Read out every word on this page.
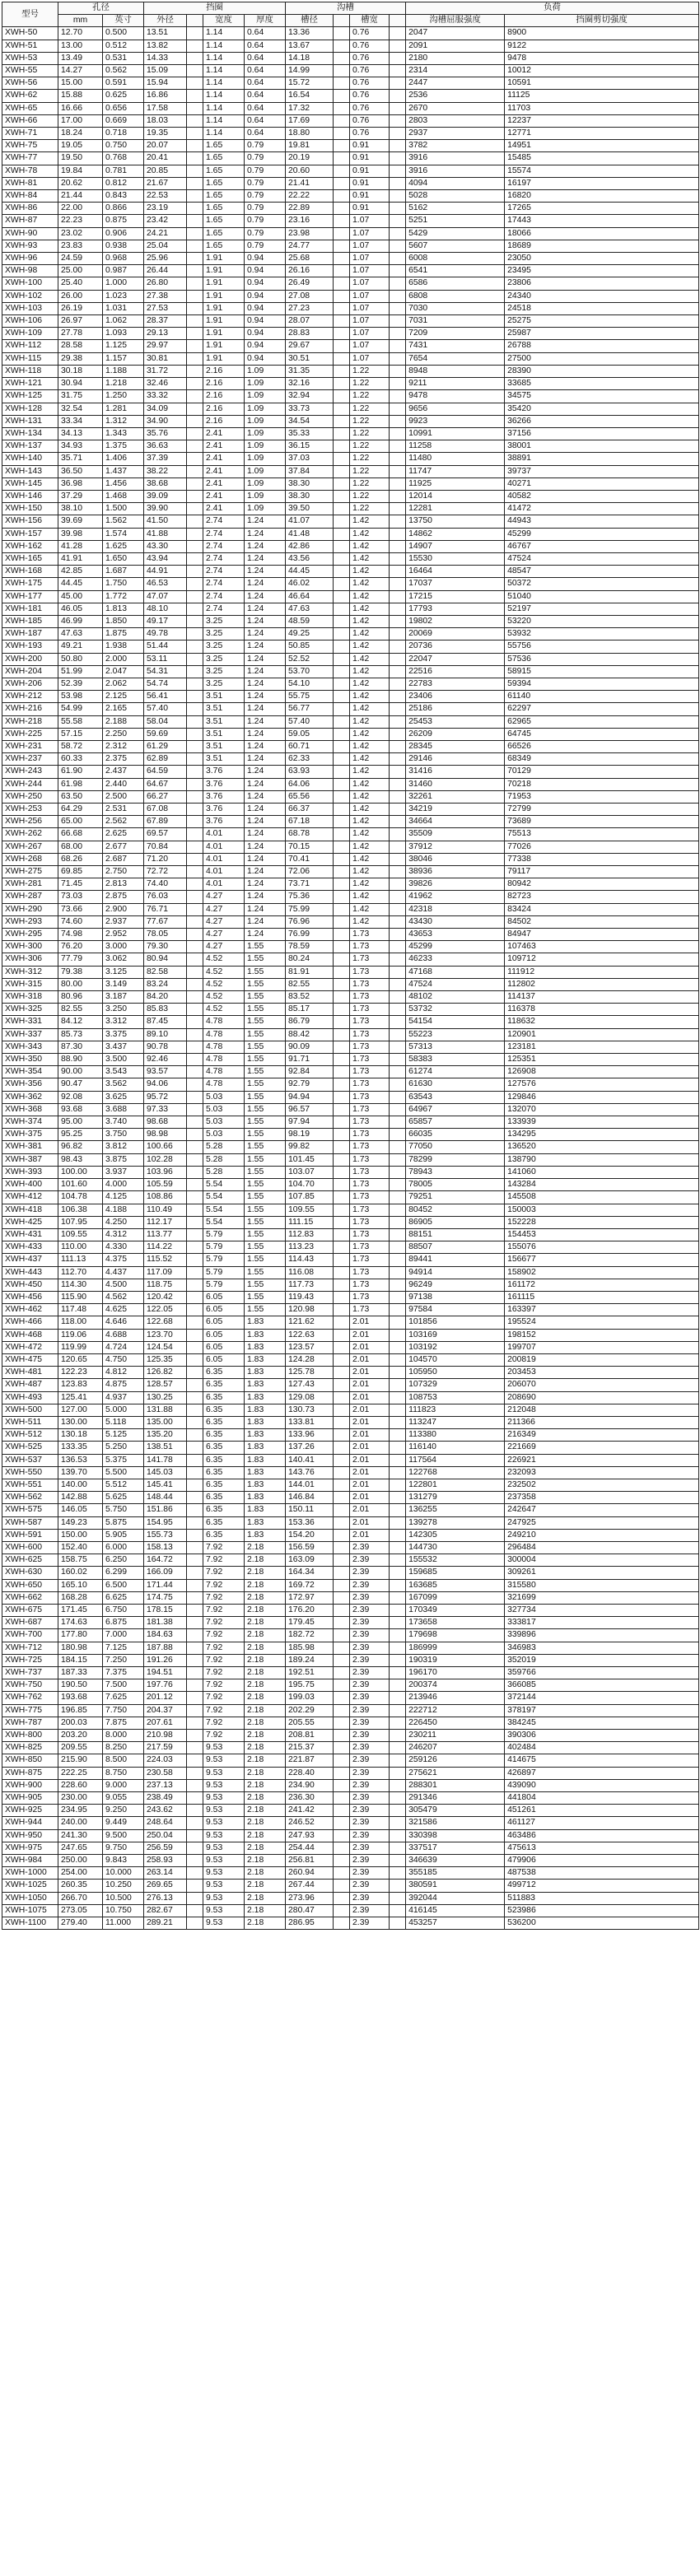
型号	孔径		挡圈				沟槽				负荷	
	mm	英寸	外径		宽度	厚度	槽径		槽宽		沟槽屈服强度	挡圈剪切强度
XWH-50	12.70	0.500	13.51		1.14	0.64	13.36		0.76		2047	8900
XWH-51	13.00	0.512	13.82		1.14	0.64	13.67		0.76		2091	9122
XWH-53	13.49	0.531	14.33		1.14	0.64	14.18		0.76		2180	9478
XWH-55	14.27	0.562	15.09		1.14	0.64	14.99		0.76		2314	10012
XWH-56	15.00	0.591	15.94		1.14	0.64	15.72		0.76		2447	10591
XWH-62	15.88	0.625	16.86		1.14	0.64	16.54		0.76		2536	11125
XWH-65	16.66	0.656	17.58		1.14	0.64	17.32		0.76		2670	11703
XWH-66	17.00	0.669	18.03		1.14	0.64	17.69		0.76		2803	12237
XWH-71	18.24	0.718	19.35		1.14	0.64	18.80		0.76		2937	12771
XWH-75	19.05	0.750	20.07		1.65	0.79	19.81		0.91		3782	14951
XWH-77	19.50	0.768	20.41		1.65	0.79	20.19		0.91		3916	15485
XWH-78	19.84	0.781	20.85		1.65	0.79	20.60		0.91		3916	15574
XWH-81	20.62	0.812	21.67		1.65	0.79	21.41		0.91		4094	16197
XWH-84	21.44	0.843	22.53		1.65	0.79	22.22		0.91		5028	16820
XWH-86	22.00	0.866	23.19		1.65	0.79	22.89		0.91		5162	17265
XWH-87	22.23	0.875	23.42		1.65	0.79	23.16		1.07		5251	17443
XWH-90	23.02	0.906	24.21		1.65	0.79	23.98		1.07		5429	18066
XWH-93	23.83	0.938	25.04		1.65	0.79	24.77		1.07		5607	18689
XWH-96	24.59	0.968	25.96		1.91	0.94	25.68		1.07		6008	23050
XWH-98	25.00	0.987	26.44		1.91	0.94	26.16		1.07		6541	23495
XWH-100	25.40	1.000	26.80		1.91	0.94	26.49		1.07		6586	23806
XWH-102	26.00	1.023	27.38		1.91	0.94	27.08		1.07		6808	24340
XWH-103	26.19	1.031	27.53		1.91	0.94	27.23		1.07		7030	24518
XWH-106	26.97	1.062	28.37		1.91	0.94	28.07		1.07		7031	25275
XWH-109	27.78	1.093	29.13		1.91	0.94	28.83		1.07		7209	25987
XWH-112	28.58	1.125	29.97		1.91	0.94	29.67		1.07		7431	26788
XWH-115	29.38	1.157	30.81		1.91	0.94	30.51		1.07		7654	27500
XWH-118	30.18	1.188	31.72		2.16	1.09	31.35		1.22		8948	28390
XWH-121	30.94	1.218	32.46		2.16	1.09	32.16		1.22		9211	33685
XWH-125	31.75	1.250	33.32		2.16	1.09	32.94		1.22		9478	34575
XWH-128	32.54	1.281	34.09		2.16	1.09	33.73		1.22		9656	35420
XWH-131	33.34	1.312	34.90		2.16	1.09	34.54		1.22		9923	36266
XWH-134	34.13	1.343	35.76		2.41	1.09	35.33		1.22		10991	37156
XWH-137	34.93	1.375	36.63		2.41	1.09	36.15		1.22		11258	38001
XWH-140	35.71	1.406	37.39		2.41	1.09	37.03		1.22		11480	38891
XWH-143	36.50	1.437	38.22		2.41	1.09	37.84		1.22		11747	39737
XWH-145	36.98	1.456	38.68		2.41	1.09	38.30		1.22		11925	40271
XWH-146	37.29	1.468	39.09		2.41	1.09	38.30		1.22		12014	40582
XWH-150	38.10	1.500	39.90		2.41	1.09	39.50		1.22		12281	41472
XWH-156	39.69	1.562	41.50		2.74	1.24	41.07		1.42		13750	44943
XWH-157	39.98	1.574	41.88		2.74	1.24	41.48		1.42		14862	45299
XWH-162	41.28	1.625	43.30		2.74	1.24	42.86		1.42		14907	46767
XWH-165	41.91	1.650	43.94		2.74	1.24	43.56		1.42		15530	47524
XWH-168	42.85	1.687	44.91		2.74	1.24	44.45		1.42		16464	48547
XWH-175	44.45	1.750	46.53		2.74	1.24	46.02		1.42		17037	50372
XWH-177	45.00	1.772	47.07		2.74	1.24	46.64		1.42		17215	51040
XWH-181	46.05	1.813	48.10		2.74	1.24	47.63		1.42		17793	52197
XWH-185	46.99	1.850	49.17		3.25	1.24	48.59		1.42		19802	53220
XWH-187	47.63	1.875	49.78		3.25	1.24	49.25		1.42		20069	53932
XWH-193	49.21	1.938	51.44		3.25	1.24	50.85		1.42		20736	55756
XWH-200	50.80	2.000	53.11		3.25	1.24	52.52		1.42		22047	57536
XWH-204	51.99	2.047	54.31		3.25	1.24	53.70		1.42		22516	58915
XWH-206	52.39	2.062	54.74		3.25	1.24	54.10		1.42		22783	59394
XWH-212	53.98	2.125	56.41		3.51	1.24	55.75		1.42		23406	61140
XWH-216	54.99	2.165	57.40		3.51	1.24	56.77		1.42		25186	62297
XWH-218	55.58	2.188	58.04		3.51	1.24	57.40		1.42		25453	62965
XWH-225	57.15	2.250	59.69		3.51	1.24	59.05		1.42		26209	64745
XWH-231	58.72	2.312	61.29		3.51	1.24	60.71		1.42		28345	66526
XWH-237	60.33	2.375	62.89		3.51	1.24	62.33		1.42		29146	68349
XWH-243	61.90	2.437	64.59		3.76	1.24	63.93		1.42		31416	70129
XWH-244	61.98	2.440	64.67		3.76	1.24	64.06		1.42		31460	70218
XWH-250	63.50	2.500	66.27		3.76	1.24	65.56		1.42		32261	71953
XWH-253	64.29	2.531	67.08		3.76	1.24	66.37		1.42		34219	72799
XWH-256	65.00	2.562	67.89		3.76	1.24	67.18		1.42		34664	73689
XWH-262	66.68	2.625	69.57		4.01	1.24	68.78		1.42		35509	75513
XWH-267	68.00	2.677	70.84		4.01	1.24	70.15		1.42		37912	77026
XWH-268	68.26	2.687	71.20		4.01	1.24	70.41		1.42		38046	77338
XWH-275	69.85	2.750	72.72		4.01	1.24	72.06		1.42		38936	79117
XWH-281	71.45	2.813	74.40		4.01	1.24	73.71		1.42		39826	80942
XWH-287	73.03	2.875	76.03		4.27	1.24	75.36		1.42		41962	82723
XWH-290	73.66	2.900	76.71		4.27	1.24	75.99		1.42		42318	83424
XWH-293	74.60	2.937	77.67		4.27	1.24	76.96		1.42		43430	84502
XWH-295	74.98	2.952	78.05		4.27	1.24	76.99		1.73		43653	84947
XWH-300	76.20	3.000	79.30		4.27	1.55	78.59		1.73		45299	107463
XWH-306	77.79	3.062	80.94		4.52	1.55	80.24		1.73		46233	109712
XWH-312	79.38	3.125	82.58		4.52	1.55	81.91		1.73		47168	111912
XWH-315	80.00	3.149	83.24		4.52	1.55	82.55		1.73		47524	112802
XWH-318	80.96	3.187	84.20		4.52	1.55	83.52		1.73		48102	114137
XWH-325	82.55	3.250	85.83		4.52	1.55	85.17		1.73		53732	116378
XWH-331	84.12	3.312	87.45		4.78	1.55	86.79		1.73		54154	118632
XWH-337	85.73	3.375	89.10		4.78	1.55	88.42		1.73		55223	120901
XWH-343	87.30	3.437	90.78		4.78	1.55	90.09		1.73		57313	123181
XWH-350	88.90	3.500	92.46		4.78	1.55	91.71		1.73		58383	125351
XWH-354	90.00	3.543	93.57		4.78	1.55	92.84		1.73		61274	126908
XWH-356	90.47	3.562	94.06		4.78	1.55	92.79		1.73		61630	127576
XWH-362	92.08	3.625	95.72		5.03	1.55	94.94		1.73		63543	129846
XWH-368	93.68	3.688	97.33		5.03	1.55	96.57		1.73		64967	132070
XWH-374	95.00	3.740	98.68		5.03	1.55	97.94		1.73		65857	133939
XWH-375	95.25	3.750	98.98		5.03	1.55	98.19		1.73		66035	134295
XWH-381	96.82	3.812	100.66		5.28	1.55	99.82		1.73		77050	136520
XWH-387	98.43	3.875	102.28		5.28	1.55	101.45		1.73		78299	138790
XWH-393	100.00	3.937	103.96		5.28	1.55	103.07		1.73		78943	141060
XWH-400	101.60	4.000	105.59		5.54	1.55	104.70		1.73		78005	143284
XWH-412	104.78	4.125	108.86		5.54	1.55	107.85		1.73		79251	145508
XWH-418	106.38	4.188	110.49		5.54	1.55	109.55		1.73		80452	150003
XWH-425	107.95	4.250	112.17		5.54	1.55	111.15		1.73		86905	152228
XWH-431	109.55	4.312	113.77		5.79	1.55	112.83		1.73		88151	154453
XWH-433	110.00	4.330	114.22		5.79	1.55	113.23		1.73		88507	155076
XWH-437	111.13	4.375	115.52		5.79	1.55	114.43		1.73		89441	156677
XWH-443	112.70	4.437	117.09		5.79	1.55	116.08		1.73		94914	158902
XWH-450	114.30	4.500	118.75		5.79	1.55	117.73		1.73		96249	161172
XWH-456	115.90	4.562	120.42		6.05	1.55	119.43		1.73		97138	161115
XWH-462	117.48	4.625	122.05		6.05	1.55	120.98		1.73		97584	163397
XWH-466	118.00	4.646	122.68		6.05	1.83	121.62		2.01		101856	195524
XWH-468	119.06	4.688	123.70		6.05	1.83	122.63		2.01		103169	198152
XWH-472	119.99	4.724	124.54		6.05	1.83	123.57		2.01		103192	199707
XWH-475	120.65	4.750	125.35		6.05	1.83	124.28		2.01		104570	200819
XWH-481	122.23	4.812	126.82		6.35	1.83	125.78		2.01		105950	203453
XWH-487	123.83	4.875	128.57		6.35	1.83	127.43		2.01		107329	206070
XWH-493	125.41	4.937	130.25		6.35	1.83	129.08		2.01		108753	208690
XWH-500	127.00	5.000	131.88		6.35	1.83	130.73		2.01		111823	212048
XWH-511	130.00	5.118	135.00		6.35	1.83	133.81		2.01		113247	211366
XWH-512	130.18	5.125	135.20		6.35	1.83	133.96		2.01		113380	216349
XWH-525	133.35	5.250	138.51		6.35	1.83	137.26		2.01		116140	221669
XWH-537	136.53	5.375	141.78		6.35	1.83	140.41		2.01		117564	226921
XWH-550	139.70	5.500	145.03		6.35	1.83	143.76		2.01		122768	232093
XWH-551	140.00	5.512	145.41		6.35	1.83	144.01		2.01		122801	232502
XWH-562	142.88	5.625	148.44		6.35	1.83	146.84		2.01		131279	237358
XWH-575	146.05	5.750	151.86		6.35	1.83	150.11		2.01		136255	242647
XWH-587	149.23	5.875	154.95		6.35	1.83	153.36		2.01		139278	247925
XWH-591	150.00	5.905	155.73		6.35	1.83	154.20		2.01		142305	249210
XWH-600	152.40	6.000	158.13		7.92	2.18	156.59		2.39		144730	296484
XWH-625	158.75	6.250	164.72		7.92	2.18	163.09		2.39		155532	300004
XWH-630	160.02	6.299	166.09		7.92	2.18	164.34		2.39		159685	309261
XWH-650	165.10	6.500	171.44		7.92	2.18	169.72		2.39		163685	315580
XWH-662	168.28	6.625	174.75		7.92	2.18	172.97		2.39		167099	321699
XWH-675	171.45	6.750	178.15		7.92	2.18	176.20		2.39		170349	327734
XWH-687	174.63	6.875	181.38		7.92	2.18	179.45		2.39		173658	333817
XWH-700	177.80	7.000	184.63		7.92	2.18	182.72		2.39		179698	339896
XWH-712	180.98	7.125	187.88		7.92	2.18	185.98		2.39		186999	346983
XWH-725	184.15	7.250	191.26		7.92	2.18	189.24		2.39		190319	352019
XWH-737	187.33	7.375	194.51		7.92	2.18	192.51		2.39		196170	359766
XWH-750	190.50	7.500	197.76		7.92	2.18	195.75		2.39		200374	366085
XWH-762	193.68	7.625	201.12		7.92	2.18	199.03		2.39		213946	372144
XWH-775	196.85	7.750	204.37		7.92	2.18	202.29		2.39		222712	378197
XWH-787	200.03	7.875	207.61		7.92	2.18	205.55		2.39		226450	384245
XWH-800	203.20	8.000	210.98		7.92	2.18	208.81		2.39		230211	390306
XWH-825	209.55	8.250	217.59		9.53	2.18	215.37		2.39		246207	402484
XWH-850	215.90	8.500	224.03		9.53	2.18	221.87		2.39		259126	414675
XWH-875	222.25	8.750	230.58		9.53	2.18	228.40		2.39		275621	426897
XWH-900	228.60	9.000	237.13		9.53	2.18	234.90		2.39		288301	439090
XWH-905	230.00	9.055	238.49		9.53	2.18	236.30		2.39		291346	441804
XWH-925	234.95	9.250	243.62		9.53	2.18	241.42		2.39		305479	451261
XWH-944	240.00	9.449	248.64		9.53	2.18	246.52		2.39		321586	461127
XWH-950	241.30	9.500	250.04		9.53	2.18	247.93		2.39		330398	463486
XWH-975	247.65	9.750	256.59		9.53	2.18	254.44		2.39		337517	475613
XWH-984	250.00	9.843	258.93		9.53	2.18	256.81		2.39		346639	479906
XWH-1000	254.00	10.000	263.14		9.53	2.18	260.94		2.39		355185	487538
XWH-1025	260.35	10.250	269.65		9.53	2.18	267.44		2.39		380591	499712
XWH-1050	266.70	10.500	276.13		9.53	2.18	273.96		2.39		392044	511883
XWH-1075	273.05	10.750	282.67		9.53	2.18	280.47		2.39		416145	523986
XWH-1100	279.40	11.000	289.21		9.53	2.18	286.95		2.39		453257	536200
